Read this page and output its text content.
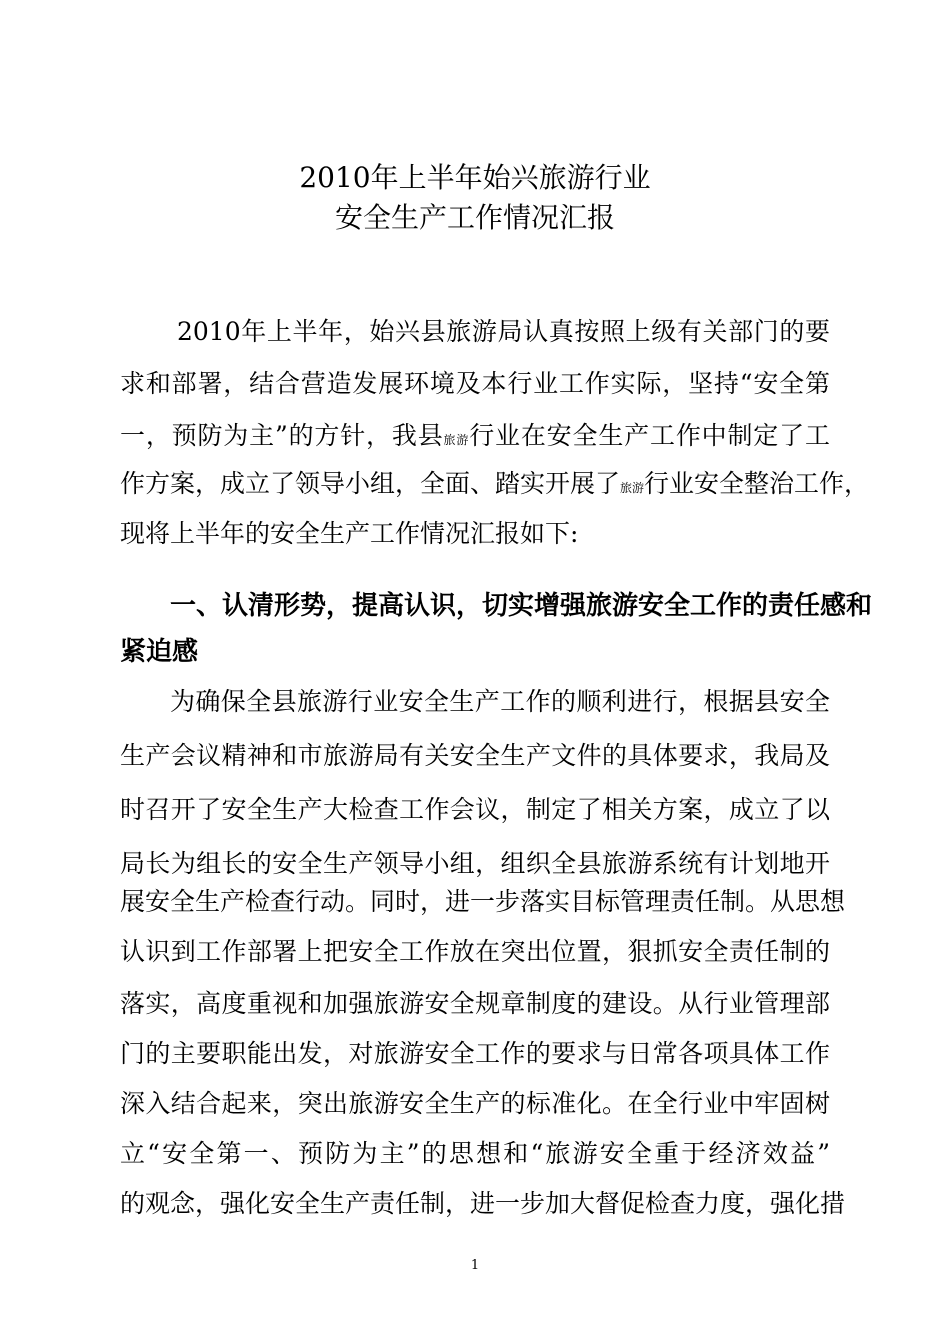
2010年上半年始兴旅游行业
安全生产工作情况汇报
2010年上半年，始兴县旅游局认真按照上级有关部门的要
求和部署，结合营造发展环境及本行业工作实际，坚持“安全第
一，预防为主”的方针，我县旅游行业在安全生产工作中制定了工
作方案，成立了领导小组，全面、踏实开展了旅游行业安全整治工作，
现将上半年的安全生产工作情况汇报如下:
一、认清形势，提高认识，切实增强旅游安全工作的责任感和
紧迫感
为确保全县旅游行业安全生产工作的顺利进行，根据县安全
生产会议精神和市旅游局有关安全生产文件的具体要求，我局及
时召开了安全生产大检查工作会议，制定了相关方案，成立了以
局长为组长的安全生产领导小组，组织全县旅游系统有计划地开
展安全生产检查行动。同时，进一步落实目标管理责任制。从思想
认识到工作部署上把安全工作放在突出位置，狠抓安全责任制的
落实，高度重视和加强旅游安全规章制度的建设。从行业管理部
门的主要职能出发，对旅游安全工作的要求与日常各项具体工作
深入结合起来，突出旅游安全生产的标准化。在全行业中牢固树
立“安全第一、预防为主”的思想和“旅游安全重于经济效益”
的观念，强化安全生产责任制，进一步加大督促检查力度，强化措
1
